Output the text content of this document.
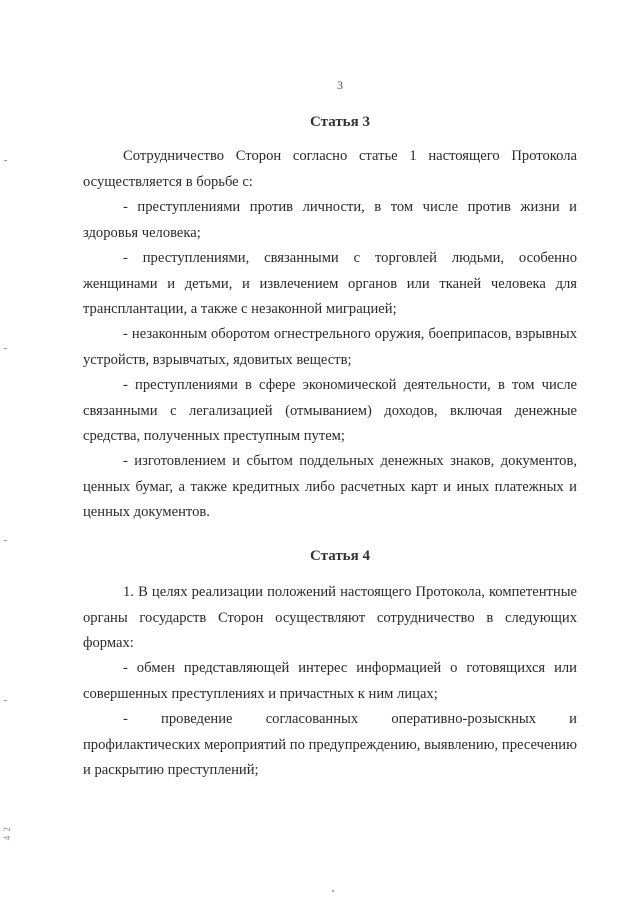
3
Статья 3
Сотрудничество Сторон согласно статье 1 настоящего Протокола осуществляется в борьбе с:
- преступлениями против личности, в том числе против жизни и здоровья человека;
- преступлениями, связанными с торговлей людьми, особенно женщинами и детьми, и извлечением органов или тканей человека для трансплантации, а также с незаконной миграцией;
- незаконным оборотом огнестрельного оружия, боеприпасов, взрывных устройств, взрывчатых, ядовитых веществ;
- преступлениями в сфере экономической деятельности, в том числе связанными с легализацией (отмыванием) доходов, включая денежные средства, полученных преступным путем;
- изготовлением и сбытом поддельных денежных знаков, документов, ценных бумаг, а также кредитных либо расчетных карт и иных платежных и ценных документов.
Статья 4
1. В целях реализации положений настоящего Протокола, компетентные органы государств Сторон осуществляют сотрудничество в следующих формах:
- обмен представляющей интерес информацией о готовящихся или совершенных преступлениях и причастных к ним лицах;
- проведение согласованных оперативно-розыскных и профилактических мероприятий по предупреждению, выявлению, пресечению и раскрытию преступлений;
4 2
